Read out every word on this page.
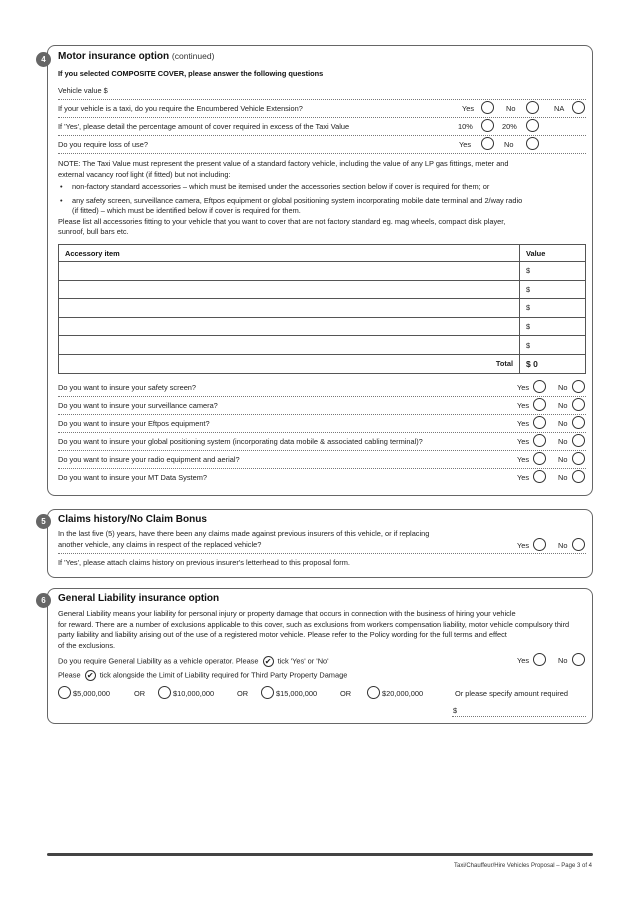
4	Motor insurance option (continued)
If you selected COMPOSITE COVER, please answer the following questions
Vehicle value $
If your vehicle is a taxi, do you require the Encumbered Vehicle Extension?	Yes	No	NA
If 'Yes', please detail the percentage amount of cover required in excess of the Taxi Value	10%	20%
Do you require loss of use?	Yes	No
NOTE: The Taxi Value must represent the present value of a standard factory vehicle, including the value of any LP gas fittings, meter and
external vacancy roof light (if fitted) but not including:
• non-factory standard accessories – which must be itemised under the accessories section below if cover is required for them; or
• any safety screen, surveillance camera, Eftpos equipment or global positioning system incorporating mobile date terminal and 2/way radio
(if fitted) – which must be identified below if cover is required for them.
Please list all accessories fitting to your vehicle that you want to cover that are not factory standard eg. mag wheels, compact disk player,
sunroof, bull bars etc.
Accessory item	Value
	$
	$
	$
	$
	$
Total	$ 0
Do you want to insure your safety screen?	Yes	No
Do you want to insure your surveillance camera?	Yes	No
Do you want to insure your Eftpos equipment?	Yes	No
Do you want to insure your global positioning system (incorporating data mobile & associated cabling terminal)?	Yes	No
Do you want to insure your radio equipment and aerial?	Yes	No
Do you want to insure your MT Data System?	Yes	No
5	Claims history/No Claim Bonus
In the last five (5) years, have there been any claims made against previous insurers of this vehicle, or if replacing
another vehicle, any claims in respect of the replaced vehicle?	Yes	No
If 'Yes', please attach claims history on previous insurer's letterhead to this proposal form.
6	General Liability insurance option
General Liability means your liability for personal injury or property damage that occurs in connection with the business of hiring your vehicle
for reward. There are a number of exclusions applicable to this cover, such as exclusions from workers compensation liability, motor vehicle compulsory third
party liability and liability arising out of the use of a registered motor vehicle. Please refer to the Policy wording for the full terms and effect
of the exclusions.
Do you require General Liability as a vehicle operator. Please ✔ tick 'Yes' or 'No'	Yes	No
Please ✔ tick alongside the Limit of Liability required for Third Party Property Damage
$5,000,000	OR	$10,000,000	OR	$15,000,000	OR	$20,000,000	Or please specify amount required
$
Taxi/Chauffeur/Hire Vehicles Proposal – Page 3 of 4
